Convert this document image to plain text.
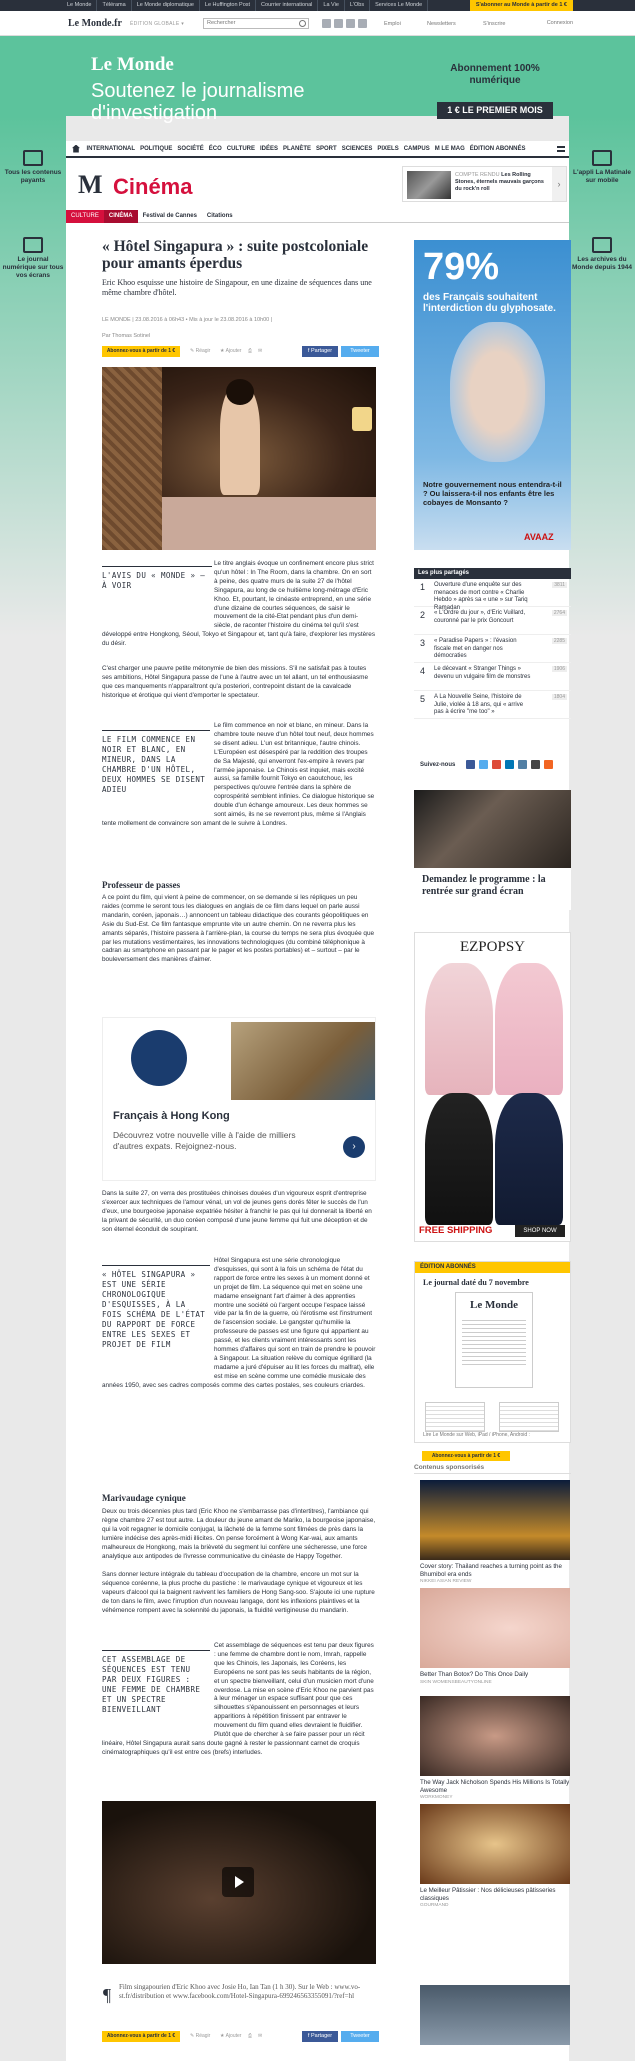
Le Monde	Télérama	Le Monde diplomatique	Le Huffington Post	Courrier international	La Vie	L'Obs	Services Le Monde	S'abonner au Monde à partir de 1 €
Le Monde.fr ÉDITION GLOBALE ▾	Rechercher	Emploi	Newsletters	S'inscrire	Connexion
Le Monde
Soutenez le journalisme d'investigation
Abonnement 100% numérique
1 € LE PREMIER MOIS
Tous les contenus payants
Le journal numérique sur tous vos écrans
L'appli La Matinale sur mobile
Les archives du Monde depuis 1944
INTERNATIONAL POLITIQUE SOCIÉTÉ ÉCO CULTURE IDÉES PLANÈTE SPORT SCIENCES PIXELS CAMPUS M LE MAG ÉDITION ABONNÉS
M Cinéma	COMPTE RENDU Les Rolling Stones, éternels mauvais garçons du rock'n roll	›
CULTURE	CINÉMA	Festival de Cannes	Citations
« Hôtel Singapura » : suite postcoloniale pour amants éperdus

Eric Khoo esquisse une histoire de Singapour, en une dizaine de séquences dans une même chambre d'hôtel.

LE MONDE | 23.08.2016 à 06h43 • Mis à jour le 23.08.2016 à 10h00 |
Par Thomas Sotinel
Abonnez-vous à partir de 1 €	✎ Réagir ★ Ajouter ⎙ ✉	f Partager	Tweeter
L'AVIS DU « MONDE » – À VOIR
Le titre anglais évoque un confinement encore plus strict qu'un hôtel : In The Room, dans la chambre. On en sort à peine, des quatre murs de la suite 27 de l'hôtel Singapura, au long de ce huitième long-métrage d'Eric Khoo. Et, pourtant, le cinéaste entreprend, en une série d'une dizaine de courtes séquences, de saisir le mouvement de la cité-Etat pendant plus d'un demi-siècle, de raconter l'histoire du cinéma tel qu'il s'est développé entre Hongkong, Séoul, Tokyo et Singapour et, tant qu'à faire, d'explorer les mystères du désir.
C'est charger une pauvre petite métonymie de bien des missions. S'il ne satisfait pas à toutes ses ambitions, Hôtel Singapura passe de l'une à l'autre avec un tel allant, un tel enthousiasme que ces manquements n'apparaîtront qu'a posteriori, contrepoint distant de la cavalcade historique et érotique qui vient d'emporter le spectateur.
Le film commence en noir et blanc, en mineur. Dans la chambre toute neuve d'un hôtel tout neuf, deux hommes se disent adieu. L'un est britannique, l'autre chinois. L'Européen est désespéré par la reddition des troupes de Sa Majesté, qui enverront l'ex-empire à revers par l'armée japonaise. Le Chinois est inquiet, mais excité aussi, sa famille fournit Tokyo en caoutchouc, les perspectives qu'ouvre l'entrée dans la sphère de coprospérité semblent infinies. Ce dialogue historique se double d'un échange amoureux. Les deux hommes se sont aimés, ils ne se reverront plus, même si l'Anglais tente mollement de convaincre son amant de le suivre à Londres.
LE FILM COMMENCE EN NOIR ET BLANC, EN MINEUR, DANS LA CHAMBRE D'UN HÔTEL, DEUX HOMMES SE DISENT ADIEU
Professeur de passes
A ce point du film, qui vient à peine de commencer, on se demande si les répliques un peu raides (comme le seront tous les dialogues en anglais de ce film dans lequel on parle aussi mandarin, coréen, japonais…) annoncent un tableau didactique des courants géopolitiques en Asie du Sud-Est. Ce film fantasque emprunte vite un autre chemin. On ne reverra plus les amants séparés, l'histoire passera à l'arrière-plan, la course du temps ne sera plus évoquée que par les mutations vestimentaires, les innovations technologiques (du combiné téléphonique à cadran au smartphone en passant par le pager et les postes portables) et – surtout – par le bouleversement des manières d'aimer.
Français à Hong Kong
Découvrez votre nouvelle ville à l'aide de milliers d'autres expats. Rejoignez-nous.	›
Dans la suite 27, on verra des prostituées chinoises douées d'un vigoureux esprit d'entreprise s'exercer aux techniques de l'amour vénal, un vol de jeunes gens dorés fêter le succès de l'un d'eux, une bourgeoise japonaise expatriée hésiter à franchir le pas qui lui donnerait la liberté en la privant de sécurité, un duo coréen composé d'une jeune femme qui fuit une déception et de son éternel éconduit de soupirant.
Hôtel Singapura est une série chronologique d'esquisses, qui sont à la fois un schéma de l'état du rapport de force entre les sexes à un moment donné et un projet de film. La séquence qui met en scène une madame enseignant l'art d'aimer à des apprenties montre une société où l'argent occupe l'espace laissé vide par la fin de la guerre, où l'érotisme est l'instrument de l'ascension sociale. Le gangster qu'humilie la professeure de passes est une figure qui appartient au passé, et les clients vraiment intéressants sont les hommes d'affaires qui sont en train de prendre le pouvoir à Singapour. La situation relève du comique égrillard (la madame a juré d'épuiser au lit les forces du malfrat), elle est mise en scène comme une comédie musicale des années 1950, avec ses cadres composés comme des cartes postales, ses couleurs criardes.
« HÔTEL SINGAPURA » EST UNE SÉRIE CHRONOLOGIQUE D'ESQUISSES, À LA FOIS SCHÉMA DE L'ÉTAT DU RAPPORT DE FORCE ENTRE LES SEXES ET PROJET DE FILM
Marivaudage cynique
Deux ou trois décennies plus tard (Eric Khoo ne s'embarrasse pas d'intertitres), l'ambiance qui règne chambre 27 est tout autre. La douleur du jeune amant de Mariko, la bourgeoise japonaise, qui la voit regagner le domicile conjugal, la lâcheté de la femme sont filmées de près dans la lumière indécise des après-midi illicites. On pense forcément à Wong Kar-wai, aux amants malheureux de Hongkong, mais la brièveté du segment lui confère une sécheresse, une force analytique aux antipodes de l'ivresse communicative du cinéaste de Happy Together.
Sans donner lecture intégrale du tableau d'occupation de la chambre, encore un mot sur la séquence coréenne, la plus proche du pastiche : le marivaudage cynique et vigoureux et les vapeurs d'alcool qui la baignent ravivent les familiers de Hong Sang-soo. S'ajoute ici une rupture de ton dans le film, avec l'irruption d'un nouveau langage, dont les inflexions plaintives et la véhémence rompent avec la solennité du japonais, la fluidité vertigineuse du mandarin.
Cet assemblage de séquences est tenu par deux figures : une femme de chambre dont le nom, Imrah, rappelle que les Chinois, les Japonais, les Coréens, les Européens ne sont pas les seuls habitants de la région, et un spectre bienveillant, celui d'un musicien mort d'une overdose. La mise en scène d'Eric Khoo ne parvient pas à leur ménager un espace suffisant pour que ces silhouettes s'épanouissent en personnages et leurs apparitions à répétition finissent par entraver le mouvement du film quand elles devraient le fluidifier. Plutôt que de chercher à se faire passer pour un récit linéaire, Hôtel Singapura aurait sans doute gagné à rester le passionnant carnet de croquis cinématographiques qu'il est entre ces (brefs) interludes.
CET ASSEMBLAGE DE SÉQUENCES EST TENU PAR DEUX FIGURES : UNE FEMME DE CHAMBRE ET UN SPECTRE BIENVEILLANT
¶ Film singapourien d'Eric Khoo avec Josie Ho, Ian Tan (1 h 30). Sur le Web : www.vo-st.fr/distribution et www.facebook.com/Hotel-Singapura-699246563355091/?ref=hl
Abonnez-vous à partir de 1 €	✎ Réagir ★ Ajouter ⎙ ✉	f Partager	Tweeter
79%
des Français souhaitent l'interdiction du glyphosate.
Notre gouvernement nous entendra-t-il ? Ou laissera-t-il nos enfants être les cobayes de Monsanto ?
AVAAZ
Les plus partagés
1 Ouverture d'une enquête sur des menaces de mort contre « Charlie Hebdo » après sa « une » sur Tariq Ramadan
3811
2 « L'Ordre du jour », d'Eric Vuillard, couronné par le prix Goncourt
2764
3 « Paradise Papers » : l'évasion fiscale met en danger nos démocraties
2285
4 Le décevant « Stranger Things » devenu un vulgaire film de monstres
1906
5 A La Nouvelle Seine, l'histoire de Julie, violée à 18 ans, qui « arrive pas à écrire "me too" »
1804
Suivez-nous
Demandez le programme : la rentrée sur grand écran
EZPOPSY
FREE SHIPPING	SHOP NOW
ÉDITION ABONNÉS
Le journal daté du 7 novembre
Le Monde
Lire Le Monde sur Web, iPad / iPhone, Android :
Abonnez-vous à partir de 1 €
Contenus sponsorisés
Cover story: Thailand reaches a turning point as the Bhumibol era ends
NIKKEI ASIAN REVIEW
Better Than Botox? Do This Once Daily
SKIN WOMENSBEAUTYONLINE
The Way Jack Nicholson Spends His Millions Is Totally Awesome
WORKMONEY
Le Meilleur Pâtissier : Nos délicieuses pâtisseries classiques
GOURMAND
